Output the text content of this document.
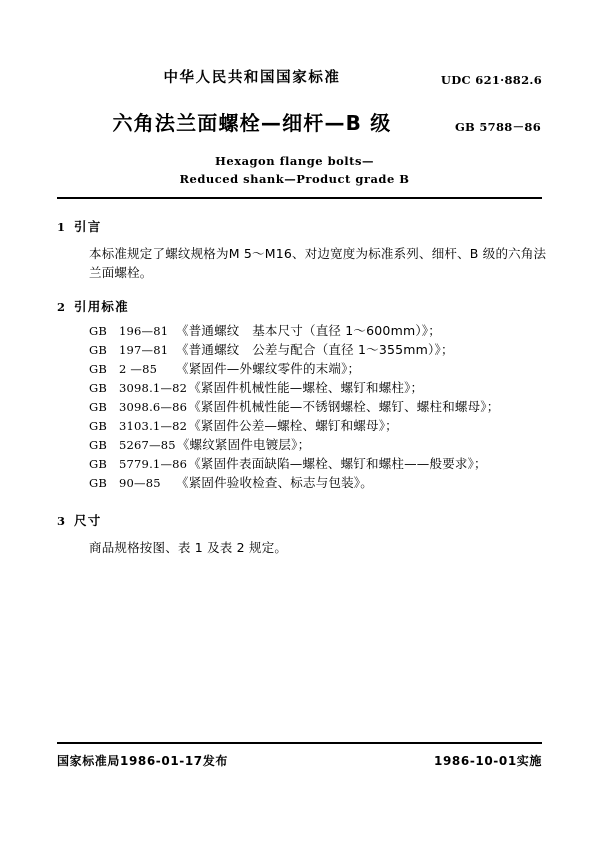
中华人民共和国国家标准	UDC 621·882.6
六角法兰面螺栓—细杆—B 级	GB 5788－86
Hexagon flange bolts—
Reduced shank—Product grade B
1 引言
本标准规定了螺纹规格为M 5～M16、对边宽度为标准系列、细杆、B 级的六角法兰面螺栓。
2 引用标准
GB 196—81 《普通螺纹　基本尺寸（直径 1～600mm）》；
GB 197—81 《普通螺纹　公差与配合（直径 1～355mm）》；
GB 2 —85	《紧固件—外螺纹零件的末端》；
GB 3098.1—82 《紧固件机械性能—螺栓、螺钉和螺柱》；
GB 3098.6—86 《紧固件机械性能—不锈钢螺栓、螺钉、螺柱和螺母》；
GB 3103.1—82 《紧固件公差—螺栓、螺钉和螺母》；
GB 5267—85 《螺纹紧固件电镀层》；
GB 5779.1—86 《紧固件表面缺陷—螺栓、螺钉和螺柱——般要求》；
GB 90—85	《紧固件验收检查、标志与包装》。
3 尺寸
商品规格按图、表 1 及表 2 规定。
国家标准局1986-01-17发布	1986-10-01实施
